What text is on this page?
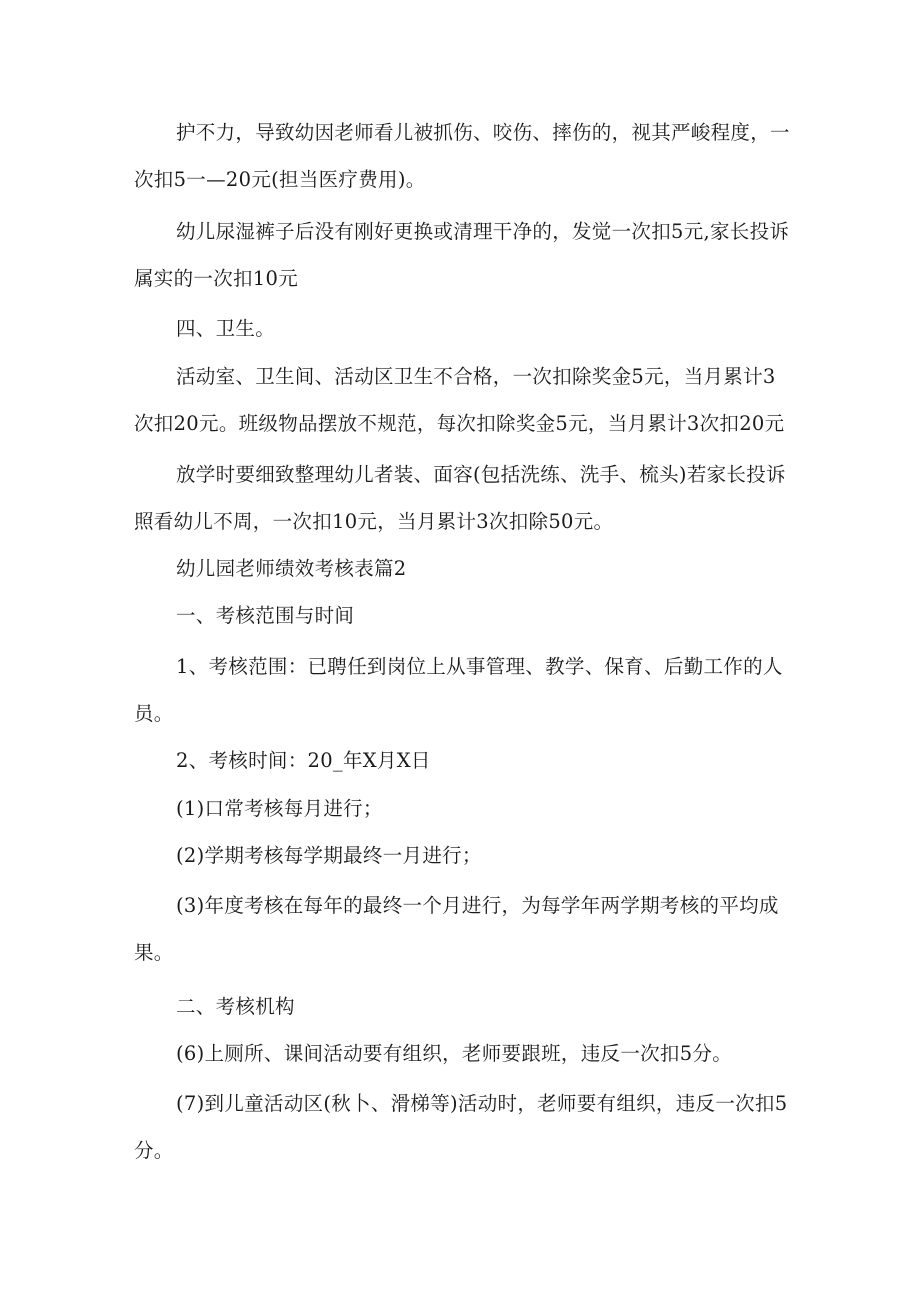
护不力，导致幼因老师看儿被抓伤、咬伤、摔伤的，视其严峻程度，一次扣5一—20元(担当医疗费用)。

幼儿尿湿裤子后没有刚好更换或清理干净的，发觉一次扣5元,家长投诉属实的一次扣10元

四、卫生。

活动室、卫生间、活动区卫生不合格，一次扣除奖金5元，当月累计3次扣20元。班级物品摆放不规范，每次扣除奖金5元，当月累计3次扣20元

放学时要细致整理幼儿者装、面容(包括洗练、洗手、梳头)若家长投诉照看幼儿不周，一次扣10元，当月累计3次扣除50元。

幼儿园老师绩效考核表篇2

一、考核范围与时间

1、考核范围：已聘任到岗位上从事管理、教学、保育、后勤工作的人员。

2、考核时间：20_年X月X日

(1)口常考核每月进行；

(2)学期考核每学期最终一月进行；

(3)年度考核在每年的最终一个月进行，为每学年两学期考核的平均成果。

二、考核机构

(6)上厕所、课间活动要有组织，老师要跟班，违反一次扣5分。

(7)到儿童活动区(秋卜、滑梯等)活动时，老师要有组织，违反一次扣5分。
